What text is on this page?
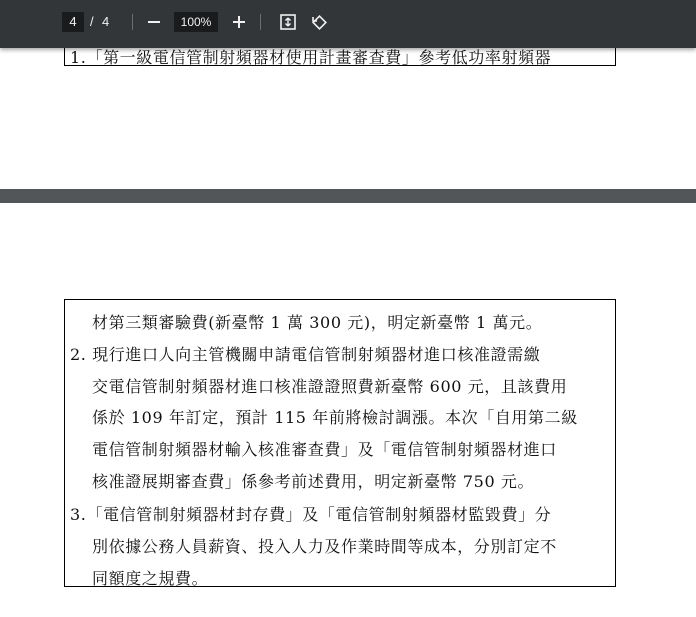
4	/ 4	100%
1.「第一級電信管制射頻器材使用計畫審查費」參考低功率射頻器
材第三類審驗費(新臺幣 1 萬 300 元)，明定新臺幣 1 萬元。
2. 現行進口人向主管機關申請電信管制射頻器材進口核准證需繳
交電信管制射頻器材進口核准證證照費新臺幣 600 元，且該費用
係於 109 年訂定，預計 115 年前將檢討調漲。本次「自用第二級
電信管制射頻器材輸入核准審查費」及「電信管制射頻器材進口
核准證展期審查費」係參考前述費用，明定新臺幣 750 元。
3.「電信管制射頻器材封存費」及「電信管制射頻器材監毀費」分
別依據公務人員薪資、投入人力及作業時間等成本，分別訂定不
同額度之規費。
